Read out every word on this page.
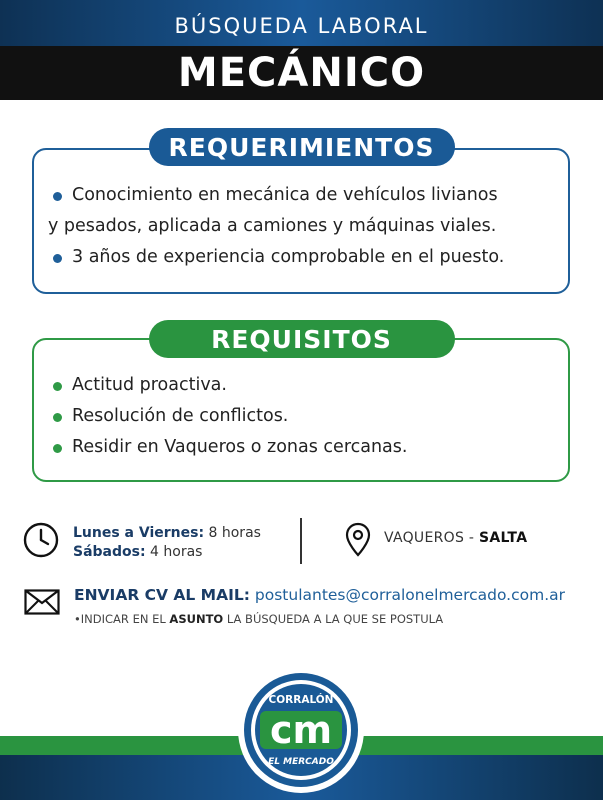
BÚSQUEDA LABORAL
MECÁNICO
REQUERIMIENTOS
Conocimiento en mecánica de vehículos livianos
y pesados, aplicada a camiones y máquinas viales.
3 años de experiencia comprobable en el puesto.
REQUISITOS
Actitud proactiva.
Resolución de conflictos.
Residir en Vaqueros o zonas cercanas.
Lunes a Viernes: 8 horas
Sábados: 4 horas
VAQUEROS - SALTA
ENVIAR CV AL MAIL: postulantes@corralonelmercado.com.ar
•INDICAR EN EL ASUNTO LA BÚSQUEDA A LA QUE SE POSTULA
CORRALÓN
cm
EL MERCADO
